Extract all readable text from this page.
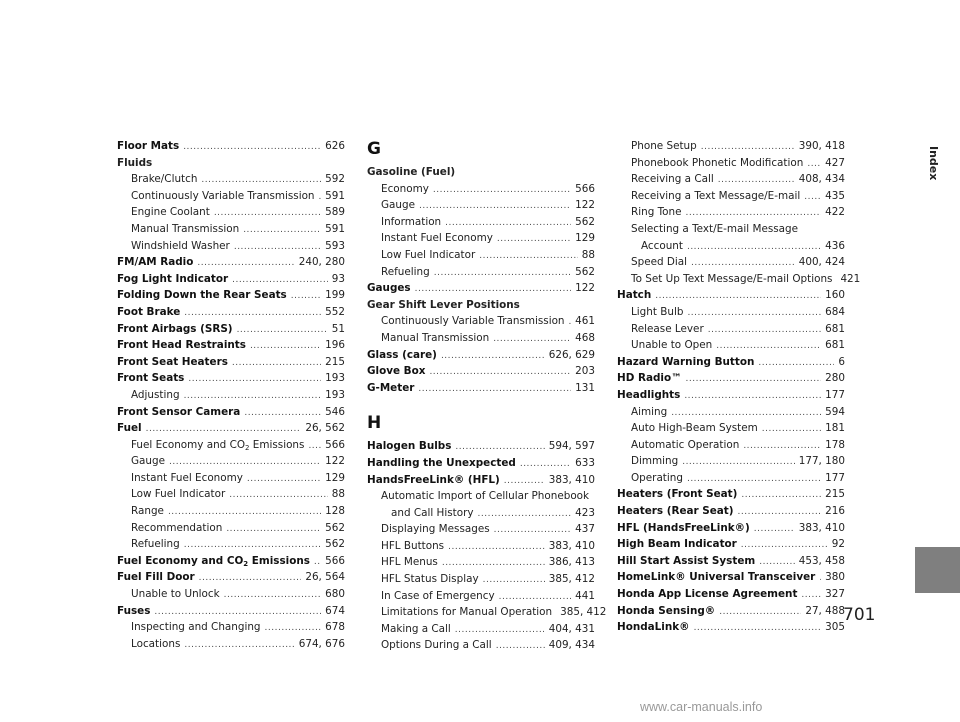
Floor Mats .....	626
Fluids
Brake/Clutch .....	592
Continuously Variable Transmission ..... 591
Engine Coolant .....	589
Manual Transmission .....	591
Windshield Washer .....	593
FM/AM Radio .....	240, 280
Fog Light Indicator .....	93
Folding Down the Rear Seats .....	199
Foot Brake .....	552
Front Airbags (SRS) .....	51
Front Head Restraints .....	196
Front Seat Heaters .....	215
Front Seats .....	193
Adjusting .....	193
Front Sensor Camera .....	546
Fuel .....	26, 562
Fuel Economy and $CO_2$ Emissions ..... 566
Gauge .....	122
Instant Fuel Economy .....	129
Low Fuel Indicator .....	88
Range .....	128
Recommendation .....	562
Refueling .....	562
Fuel Economy and $CO_2$ Emissions ..... 566
Fuel Fill Door .....	26, 564
Unable to Unlock .....	680
Fuses .....	674
Inspecting and Changing .....	678
Locations .....	674, 676
G
Gasoline (Fuel)
Economy .....	566
Gauge .....	122
Information .....	562
Instant Fuel Economy .....	129
Low Fuel Indicator .....	88
Refueling .....	562
Gauges .....	122
Gear Shift Lever Positions
Continuously Variable Transmission ..... 461
Manual Transmission .....	468
Glass (care) .....	626, 629
Glove Box .....	203
G-Meter .....	131
H
Halogen Bulbs .....	594, 597
Handling the Unexpected .....	633
HandsFreeLink® (HFL) .....	383, 410
Automatic Import of Cellular Phonebook
and Call History .....	423
Displaying Messages .....	437
HFL Buttons .....	383, 410
HFL Menus .....	386, 413
HFL Status Display .....	385, 412
In Case of Emergency .....	441
Limitations for Manual Operation 385, 412
Making a Call .....	404, 431
Options During a Call .....	409, 434
Phone Setup .....	390, 418
Phonebook Phonetic Modification ..... 427
Receiving a Call .....	408, 434
Receiving a Text Message/E-mail ..... 435
Ring Tone .....	422
Selecting a Text/E-mail Message
Account .....	436
Speed Dial .....	400, 424
To Set Up Text Message/E-mail Options 421
Hatch .....	160
Light Bulb .....	684
Release Lever .....	681
Unable to Open .....	681
Hazard Warning Button .....	6
HD Radio™ .....	280
Headlights .....	177
Aiming .....	594
Auto High-Beam System .....	181
Automatic Operation .....	178
Dimming .....	177, 180
Operating .....	177
Heaters (Front Seat) .....	215
Heaters (Rear Seat) .....	216
HFL (HandsFreeLink®) .....	383, 410
High Beam Indicator .....	92
Hill Start Assist System .....	453, 458
HomeLink® Universal Transceiver ..... 380
Honda App License Agreement .....	327
Honda Sensing® .....	27, 488
HondaLink® .....	305
Index
701
www.car-manuals.info
